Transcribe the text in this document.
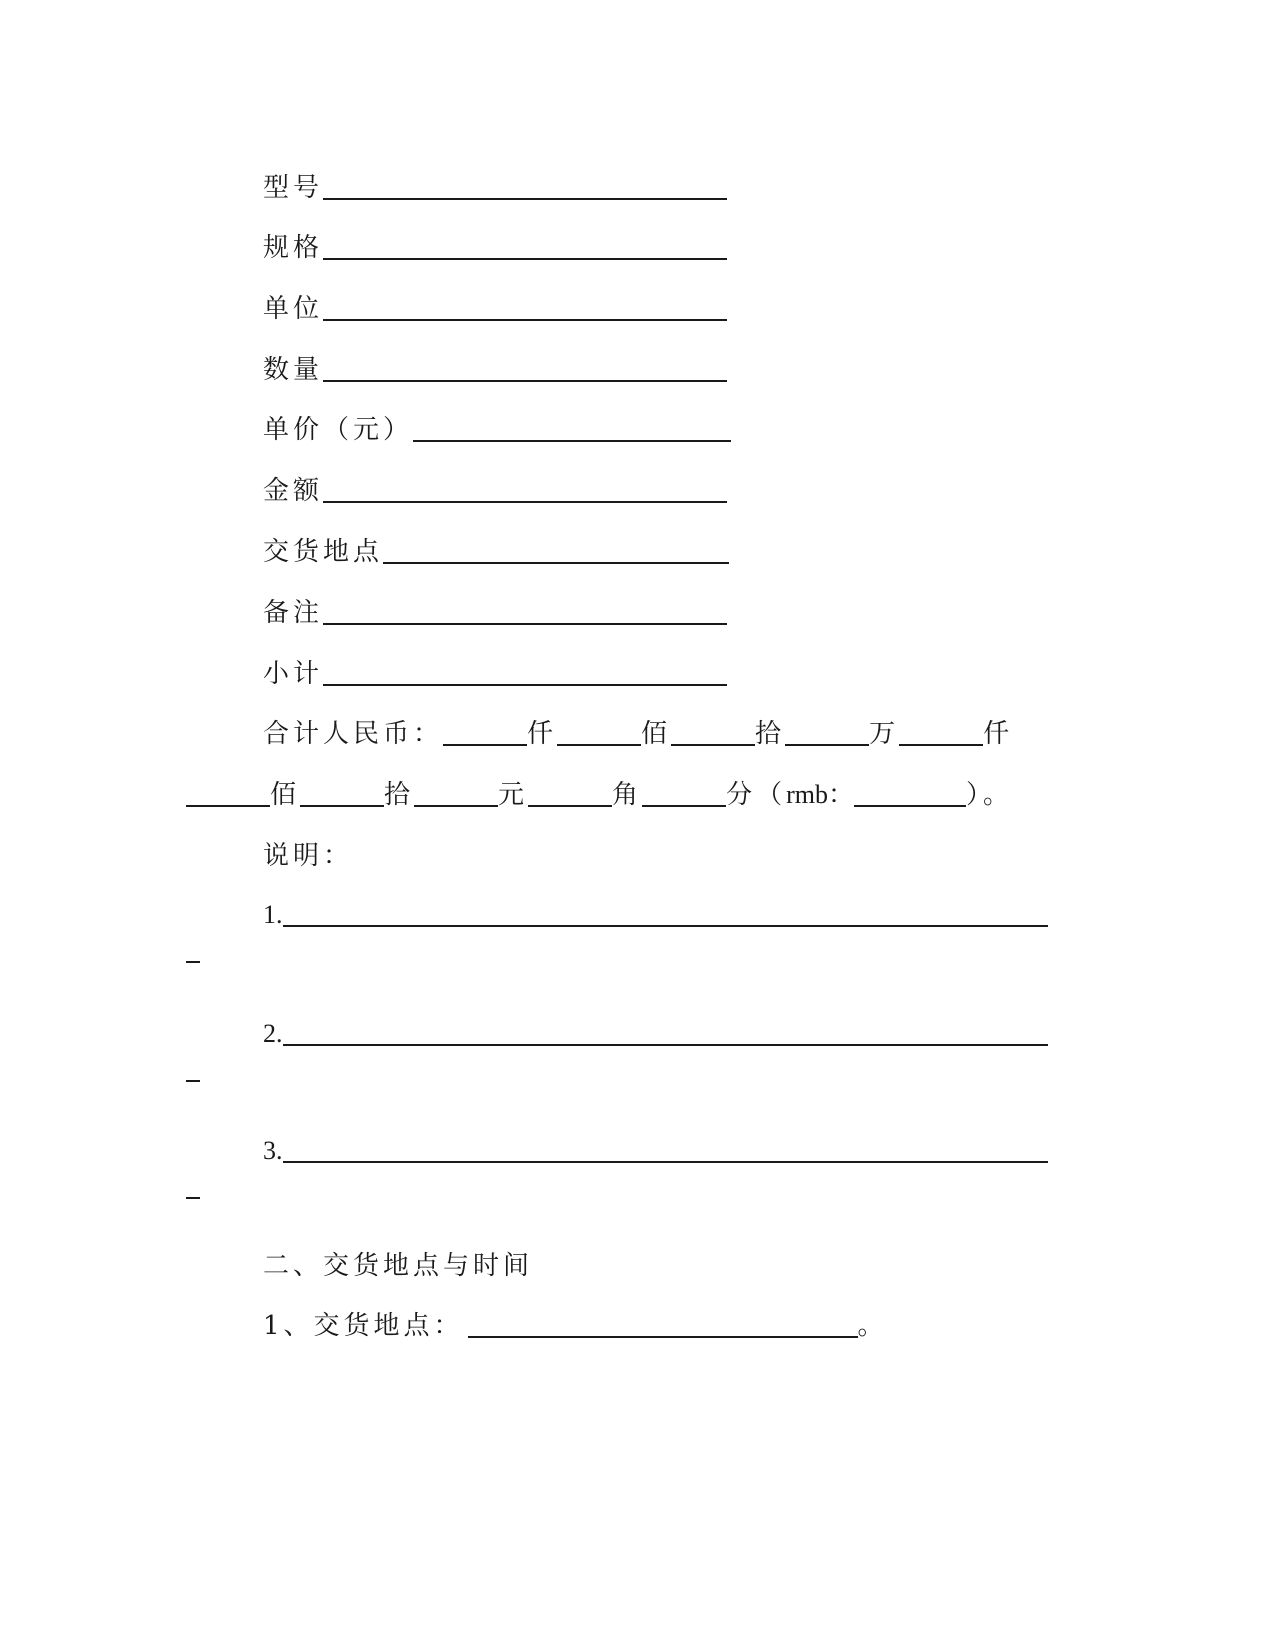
型号
规格
单位
数量
单价（元）
金额
交货地点
备注
小计
合计人民币：	仟	佰	拾	万	仟
佰	拾	元	角	分 （ rmb：	）。
说明：
1.
2.
3.
二、交货地点与时间
1、交货地点：	。
